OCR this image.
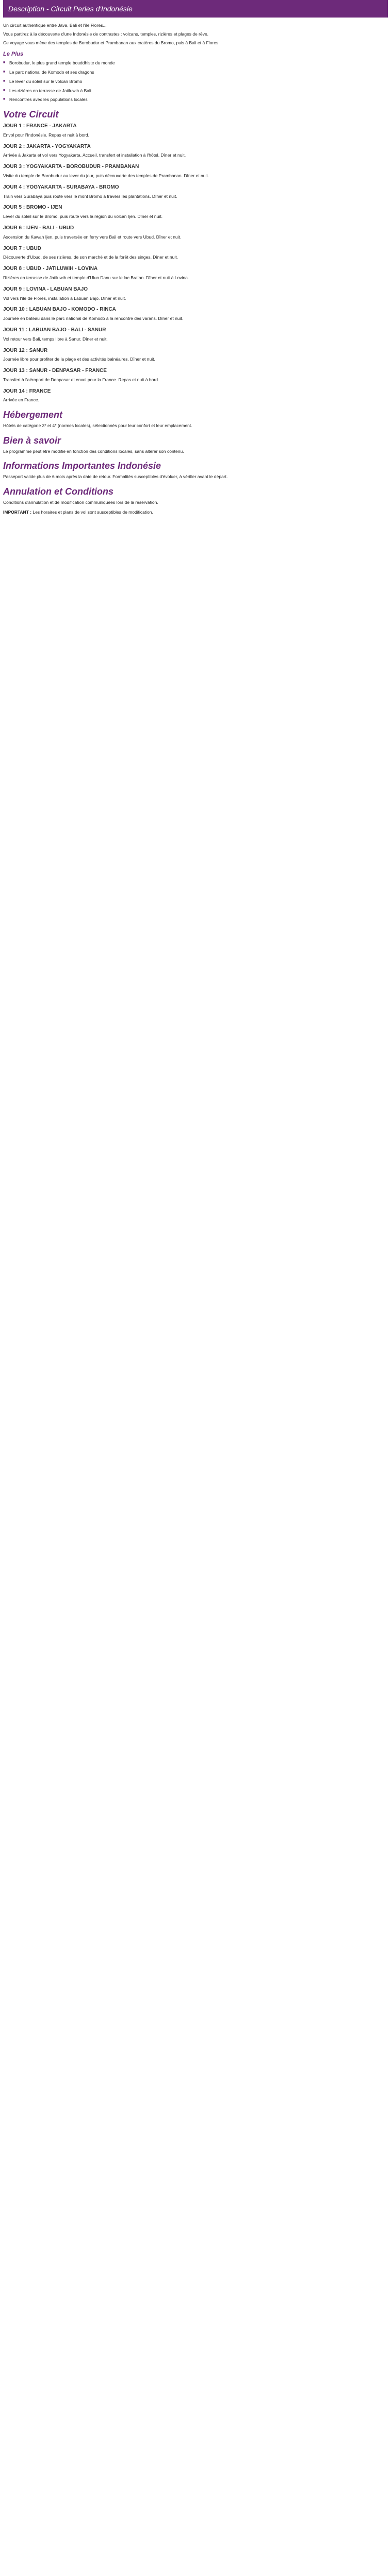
Description - Circuit Perles d'Indonésie

Un circuit authentique entre Java, Bali et l'île Flores...

Vous partirez à la découverte d'une Indonésie de contrastes : volcans, temples, rizières et plages de rêve.

Ce voyage vous mène des temples de Borobudur et Prambanan aux cratères du Bromo, puis à Bali et à Flores.

Le Plus
■ Borobudur, le plus grand temple bouddhiste du monde
■ Le parc national de Komodo et ses dragons
■ Le lever du soleil sur le volcan Bromo
■ Les rizières en terrasse de Jatiluwih à Bali
■ Rencontres avec les populations locales
Votre Circuit
JOUR 1 : FRANCE - JAKARTA

Envol pour l'Indonésie. Repas et nuit à bord.

JOUR 2 : JAKARTA - YOGYAKARTA

Arrivée à Jakarta et vol vers Yogyakarta. Accueil, transfert et installation à l'hôtel. Dîner et nuit.

JOUR 3 : YOGYAKARTA - BOROBUDUR - PRAMBANAN

Visite du temple de Borobudur au lever du jour, puis découverte des temples de Prambanan. Dîner et nuit.

JOUR 4 : YOGYAKARTA - SURABAYA - BROMO

Train vers Surabaya puis route vers le mont Bromo à travers les plantations. Dîner et nuit.

JOUR 5 : BROMO - IJEN

Lever du soleil sur le Bromo, puis route vers la région du volcan Ijen. Dîner et nuit.

JOUR 6 : IJEN - BALI - UBUD

Ascension du Kawah Ijen, puis traversée en ferry vers Bali et route vers Ubud. Dîner et nuit.

JOUR 7 : UBUD

Découverte d'Ubud, de ses rizières, de son marché et de la forêt des singes. Dîner et nuit.

JOUR 8 : UBUD - JATILUWIH - LOVINA

Rizières en terrasse de Jatiluwih et temple d'Ulun Danu sur le lac Bratan. Dîner et nuit à Lovina.

JOUR 9 : LOVINA - LABUAN BAJO

Vol vers l'île de Flores, installation à Labuan Bajo. Dîner et nuit.

JOUR 10 : LABUAN BAJO - KOMODO - RINCA

Journée en bateau dans le parc national de Komodo à la rencontre des varans. Dîner et nuit.

JOUR 11 : LABUAN BAJO - BALI - SANUR

Vol retour vers Bali, temps libre à Sanur. Dîner et nuit.

JOUR 12 : SANUR

Journée libre pour profiter de la plage et des activités balnéaires. Dîner et nuit.

JOUR 13 : SANUR - DENPASAR - FRANCE

Transfert à l'aéroport de Denpasar et envol pour la France. Repas et nuit à bord.

JOUR 14 : FRANCE

Arrivée en France.

Hébergement

Hôtels de catégorie 3* et 4* (normes locales), sélectionnés pour leur confort et leur emplacement.

Bien à savoir

Le programme peut être modifié en fonction des conditions locales, sans altérer son contenu.

Informations Importantes Indonésie

Passeport valide plus de 6 mois après la date de retour. Formalités susceptibles d'évoluer, à vérifier avant le départ.

Annulation et Conditions

Conditions d'annulation et de modification communiquées lors de la réservation.

IMPORTANT : Les horaires et plans de vol sont susceptibles de modification.
